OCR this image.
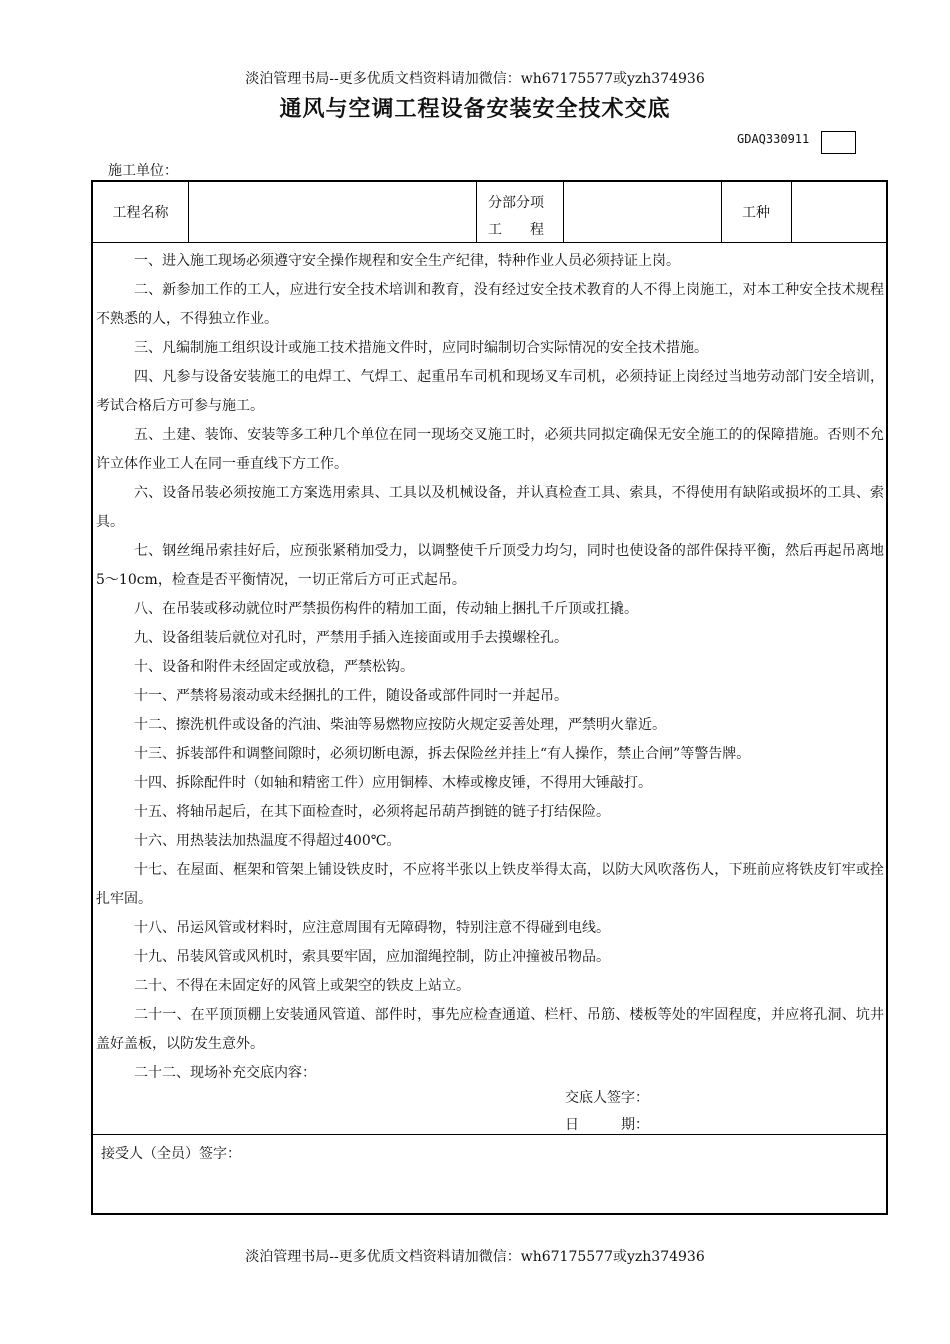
淡泊管理书局--更多优质文档资料请加微信：wh67175577或yzh374936
通风与空调工程设备安装安全技术交底
GDAQ330911
施工单位：
工程名称
分部分项
工　　程
工种

一、进入施工现场必须遵守安全操作规程和安全生产纪律，特种作业人员必须持证上岗。

二、新参加工作的工人，应进行安全技术培训和教育，没有经过安全技术教育的人不得上岗施工，对本工种安全技术规程不熟悉的人，不得独立作业。

三、凡编制施工组织设计或施工技术措施文件时，应同时编制切合实际情况的安全技术措施。

四、凡参与设备安装施工的电焊工、气焊工、起重吊车司机和现场叉车司机，必须持证上岗经过当地劳动部门安全培训，考试合格后方可参与施工。

五、土建、装饰、安装等多工种几个单位在同一现场交叉施工时，必须共同拟定确保无安全施工的的保障措施。否则不允许立体作业工人在同一垂直线下方工作。

六、设备吊装必须按施工方案选用索具、工具以及机械设备，并认真检查工具、索具，不得使用有缺陷或损坏的工具、索具。

七、钢丝绳吊索挂好后，应预张紧稍加受力，以调整使千斤顶受力均匀，同时也使设备的部件保持平衡，然后再起吊离地5～10cm，检查是否平衡情况，一切正常后方可正式起吊。

八、在吊装或移动就位时严禁损伤构件的精加工面，传动轴上捆扎千斤顶或扛撬。

九、设备组装后就位对孔时，严禁用手插入连接面或用手去摸螺栓孔。

十、设备和附件未经固定或放稳，严禁松钩。

十一、严禁将易滚动或未经捆扎的工件，随设备或部件同时一并起吊。

十二、擦洗机件或设备的汽油、柴油等易燃物应按防火规定妥善处理，严禁明火靠近。

十三、拆装部件和调整间隙时，必须切断电源，拆去保险丝并挂上“有人操作，禁止合闸”等警告牌。

十四、拆除配件时（如轴和精密工件）应用铜棒、木棒或橡皮锤，不得用大锤敲打。

十五、将轴吊起后，在其下面检查时，必须将起吊葫芦捯链的链子打结保险。

十六、用热装法加热温度不得超过400℃。

十七、在屋面、框架和管架上铺设铁皮时，不应将半张以上铁皮举得太高，以防大风吹落伤人，下班前应将铁皮钉牢或拴扎牢固。

十八、吊运风管或材料时，应注意周围有无障碍物，特别注意不得碰到电线。

十九、吊装风管或风机时，索具要牢固，应加溜绳控制，防止冲撞被吊物品。

二十、不得在未固定好的风管上或架空的铁皮上站立。

二十一、在平顶顶棚上安装通风管道、部件时，事先应检查通道、栏杆、吊筋、楼板等处的牢固程度，并应将孔洞、坑井盖好盖板，以防发生意外。

二十二、现场补充交底内容：

交底人签字：
日　　　期：
接受人（全员）签字：
淡泊管理书局--更多优质文档资料请加微信：wh67175577或yzh374936
